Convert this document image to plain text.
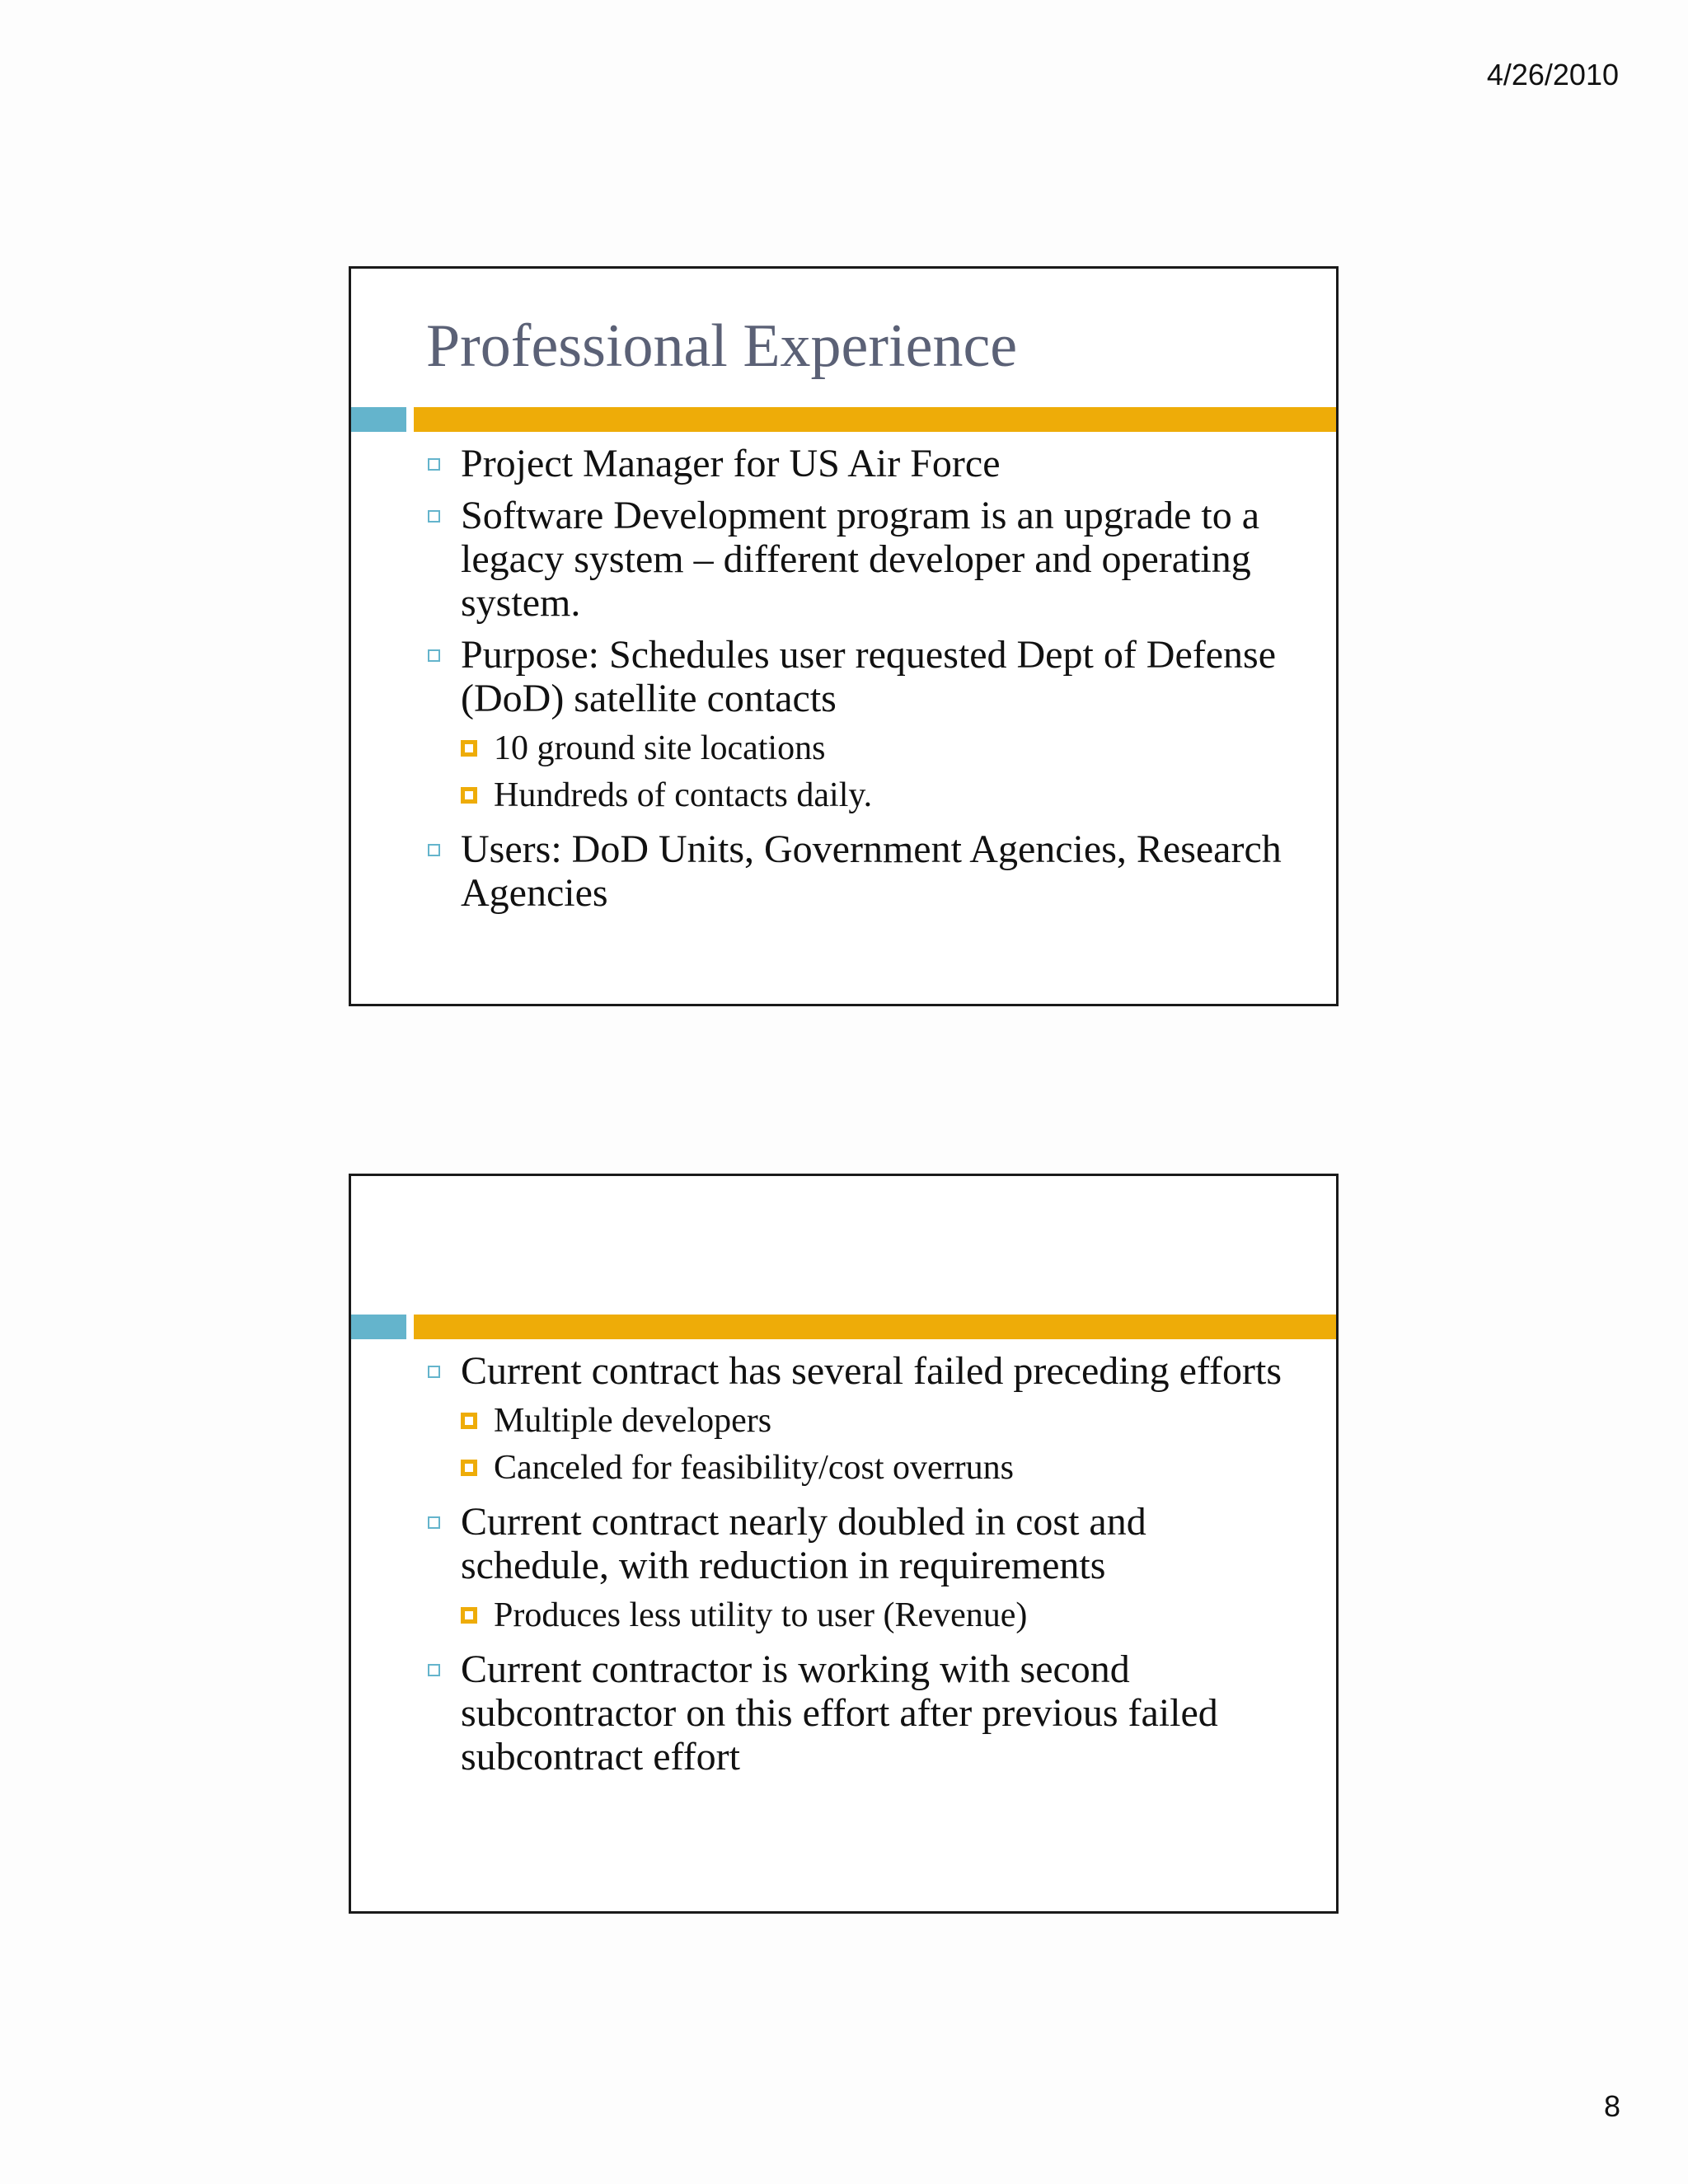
4/26/2010
Professional Experience
Project Manager for US Air Force
Software Development program is an upgrade to a legacy system – different developer and operating system.
Purpose: Schedules user requested Dept of Defense (DoD) satellite contacts
10 ground site locations
Hundreds of contacts daily.
Users: DoD Units, Government Agencies, Research Agencies
Current contract has several failed preceding efforts
Multiple developers
Canceled for feasibility/cost overruns
Current contract nearly doubled in cost and schedule, with reduction in requirements
Produces less utility to user (Revenue)
Current contractor is working with second subcontractor on this effort after previous failed subcontract effort
8
